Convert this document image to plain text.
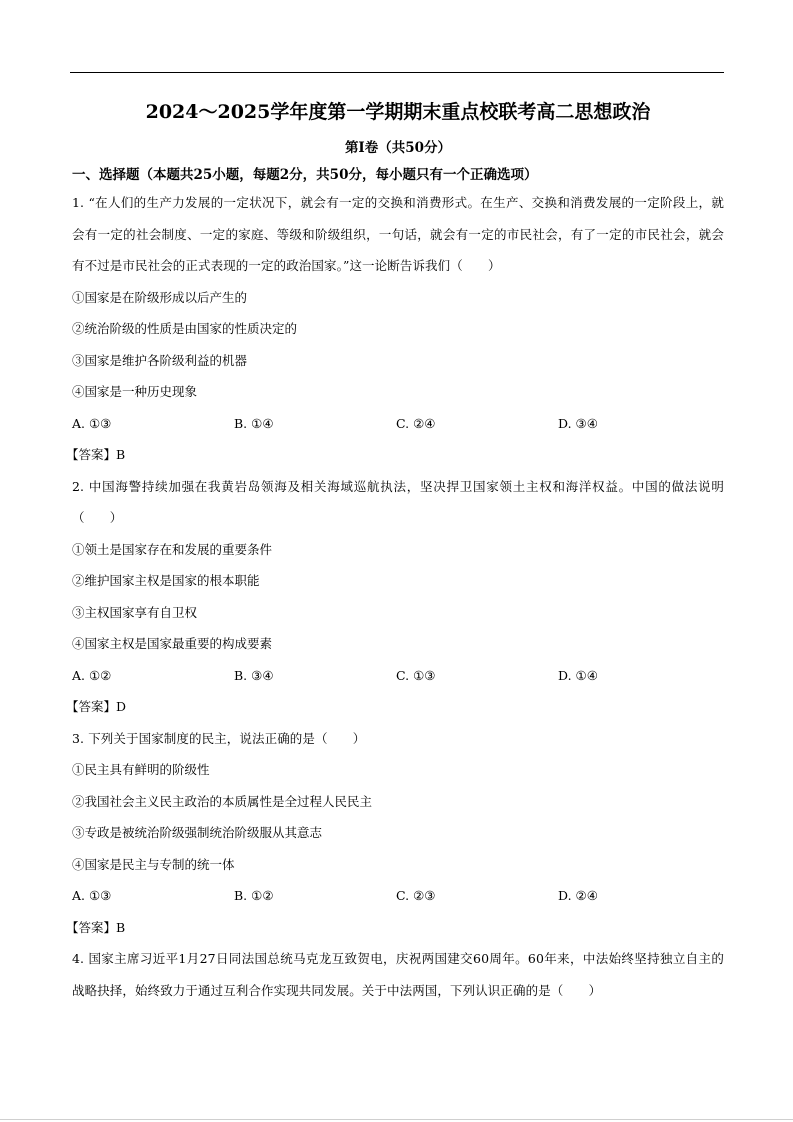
2024～2025学年度第一学期期末重点校联考高二思想政治
第Ⅰ卷（共50分）
一、选择题（本题共25小题，每题2分，共50分，每小题只有一个正确选项）
1. “在人们的生产力发展的一定状况下，就会有一定的交换和消费形式。在生产、交换和消费发展的一定阶段上，就会有一定的社会制度、一定的家庭、等级和阶级组织，一句话，就会有一定的市民社会，有了一定的市民社会，就会有不过是市民社会的正式表现的一定的政治国家。”这一论断告诉我们（　　）
①国家是在阶级形成以后产生的
②统治阶级的性质是由国家的性质决定的
③国家是维护各阶级利益的机器
④国家是一种历史现象
A. ①③	B. ①④	C. ②④	D. ③④
【答案】B
2. 中国海警持续加强在我黄岩岛领海及相关海域巡航执法，坚决捍卫国家领土主权和海洋权益。中国的做法说明（　　）
①领土是国家存在和发展的重要条件
②维护国家主权是国家的根本职能
③主权国家享有自卫权
④国家主权是国家最重要的构成要素
A. ①②	B. ③④	C. ①③	D. ①④
【答案】D
3. 下列关于国家制度的民主，说法正确的是（　　）
①民主具有鲜明的阶级性
②我国社会主义民主政治的本质属性是全过程人民民主
③专政是被统治阶级强制统治阶级服从其意志
④国家是民主与专制的统一体
A. ①③	B. ①②	C. ②③	D. ②④
【答案】B
4. 国家主席习近平1月27日同法国总统马克龙互致贺电，庆祝两国建交60周年。60年来，中法始终坚持独立自主的战略抉择，始终致力于通过互利合作实现共同发展。关于中法两国，下列认识正确的是（　　）
